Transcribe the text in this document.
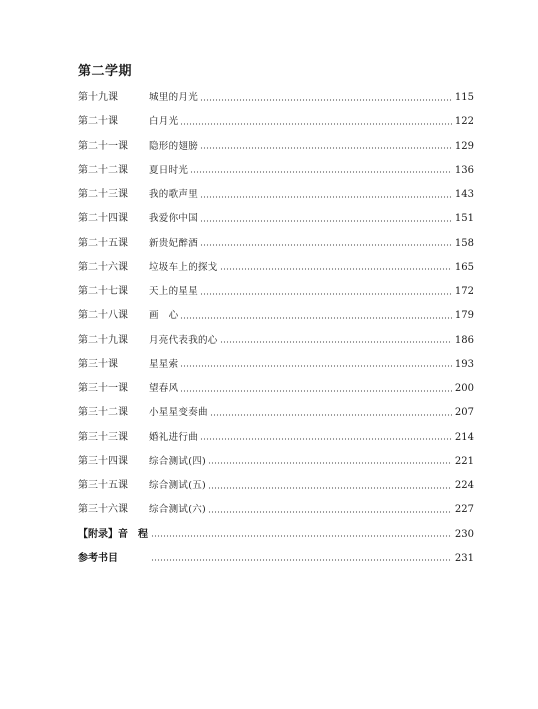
第二学期
第十九课	城里的月光	115
第二十课	白月光	122
第二十一课	隐形的翅膀	129
第二十二课	夏日时光	136
第二十三课	我的歌声里	143
第二十四课	我爱你中国	151
第二十五课	新贵妃醉酒	158
第二十六课	垃圾车上的探戈	165
第二十七课	天上的星星	172
第二十八课	画　心	179
第二十九课	月亮代表我的心	186
第三十课	星星索	193
第三十一课	望春风	200
第三十二课	小星星变奏曲	207
第三十三课	婚礼进行曲	214
第三十四课	综合测试(四)	221
第三十五课	综合测试(五)	224
第三十六课	综合测试(六)	227
【附录】音　程	230
参考书目	231
